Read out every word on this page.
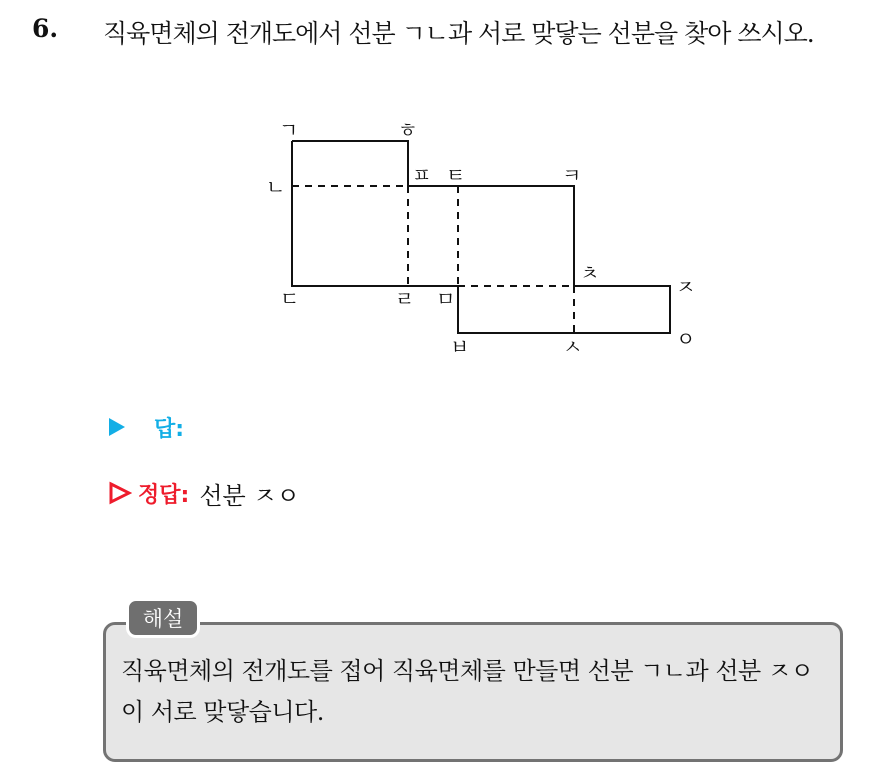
6. 직육면체의 전개도에서 선분 ㄱㄴ과 서로 맞닿는 선분을 찾아 쓰시오.
ㄱ	ㅎ
ㄴ	ㅍ ㅌ	ㅋ
ㅊ
ㅈ
ㄷ	ㄹ ㅁ
ㅂ	ㅅ	ㅇ
답:
정답: 선분 ㅈㅇ
직육면체의 전개도를 접어 직육면체를 만들면 선분 ㄱㄴ과 선분 ㅈㅇ이 서로 맞닿습니다.
해설
